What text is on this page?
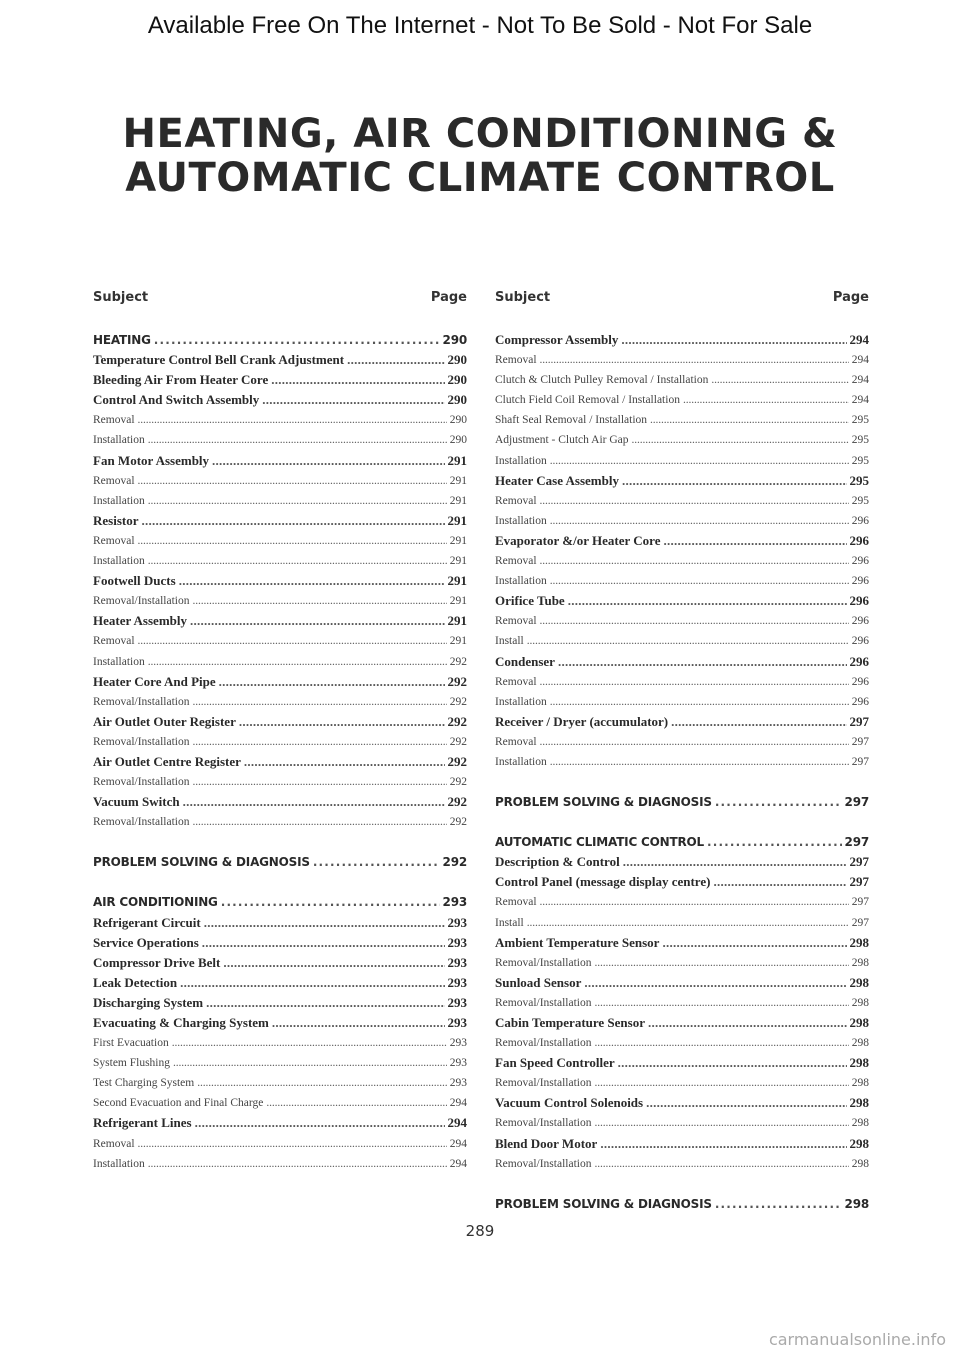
Available Free On The Internet - Not To Be Sold - Not For Sale
HEATING, AIR CONDITIONING &
AUTOMATIC CLIMATE CONTROL
Subject	Page
HEATING . . .	290
Temperature Control Bell Crank Adjustment . . .	290
Bleeding Air From Heater Core . . .	290
Control And Switch Assembly . . .	290
Removal . . .	290
Installation . . .	290
Fan Motor Assembly . . .	291
Removal . . .	291
Installation . . .	291
Resistor . . .	291
Removal . . .	291
Installation . . .	291
Footwell Ducts . . .	291
Removal/Installation . . .	291
Heater Assembly . . .	291
Removal . . .	291
Installation . . .	292
Heater Core And Pipe . . .	292
Removal/Installation . . .	292
Air Outlet Outer Register . . .	292
Removal/Installation . . .	292
Air Outlet Centre Register . . .	292
Removal/Installation . . .	292
Vacuum Switch . . .	292
Removal/Installation . . .	292
PROBLEM SOLVING & DIAGNOSIS . . .	292
AIR CONDITIONING . . .	293
Refrigerant Circuit . . .	293
Service Operations . . .	293
Compressor Drive Belt . . .	293
Leak Detection . . .	293
Discharging System . . .	293
Evacuating & Charging System . . .	293
First Evacuation . . .	293
System Flushing . . .	293
Test Charging System . . .	293
Second Evacuation and Final Charge . . .	294
Refrigerant Lines . . .	294
Removal . . .	294
Installation . . .	294
Subject	Page
Compressor Assembly . . .	294
Removal . . .	294
Clutch & Clutch Pulley Removal / Installation . . .	294
Clutch Field Coil Removal / Installation . . .	294
Shaft Seal Removal / Installation . . .	295
Adjustment - Clutch Air Gap . . .	295
Installation . . .	295
Heater Case Assembly . . .	295
Removal . . .	295
Installation . . .	296
Evaporator &/or Heater Core . . .	296
Removal . . .	296
Installation . . .	296
Orifice Tube . . .	296
Removal . . .	296
Install . . .	296
Condenser . . .	296
Removal . . .	296
Installation . . .	296
Receiver / Dryer (accumulator) . . .	297
Removal . . .	297
Installation . . .	297
PROBLEM SOLVING & DIAGNOSIS . . .	297
AUTOMATIC CLIMATIC CONTROL . . .	297
Description & Control . . .	297
Control Panel (message display centre) . . .	297
Removal . . .	297
Install . . .	297
Ambient Temperature Sensor . . .	298
Removal/Installation . . .	298
Sunload Sensor . . .	298
Removal/Installation . . .	298
Cabin Temperature Sensor . . .	298
Removal/Installation . . .	298
Fan Speed Controller . . .	298
Removal/Installation . . .	298
Vacuum Control Solenoids . . .	298
Removal/Installation . . .	298
Blend Door Motor . . .	298
Removal/Installation . . .	298
PROBLEM SOLVING & DIAGNOSIS . . .	298
289
carmanualsonline.info
